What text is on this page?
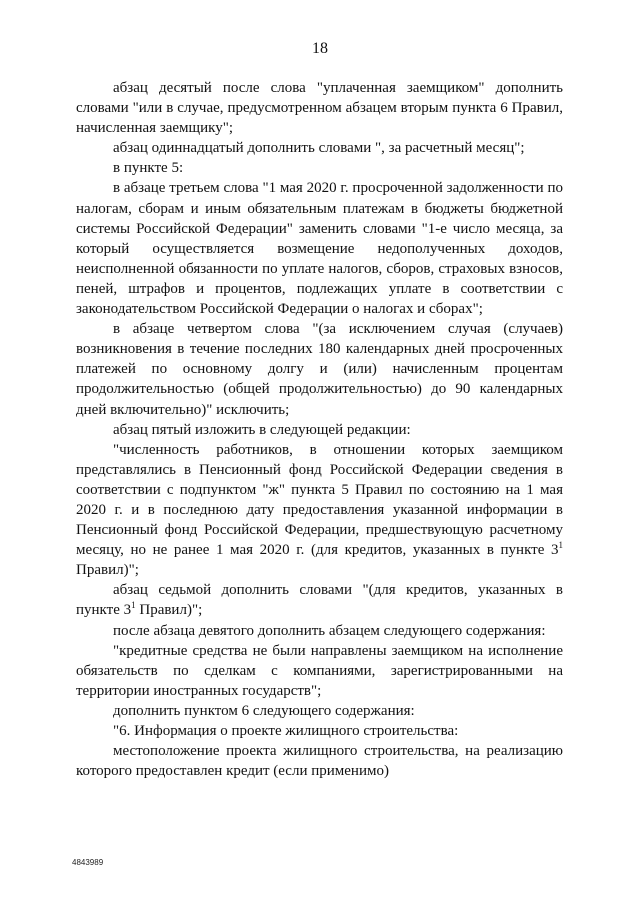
18

абзац десятый после слова "уплаченная заемщиком" дополнить словами "или в случае, предусмотренном абзацем вторым пункта 6 Правил, начисленная заемщику";

абзац одиннадцатый дополнить словами ", за расчетный месяц";

в пункте 5:

в абзаце третьем слова "1 мая 2020 г. просроченной задолженности по налогам, сборам и иным обязательным платежам в бюджеты бюджетной системы Российской Федерации" заменить словами "1-е число месяца, за который осуществляется возмещение недополученных доходов, неисполненной обязанности по уплате налогов, сборов, страховых взносов, пеней, штрафов и процентов, подлежащих уплате в соответствии с законодательством Российской Федерации о налогах и сборах";

в абзаце четвертом слова "(за исключением случая (случаев) возникновения в течение последних 180 календарных дней просроченных платежей по основному долгу и (или) начисленным процентам продолжительностью (общей продолжительностью) до 90 календарных дней включительно)" исключить;

абзац пятый изложить в следующей редакции:

"численность работников, в отношении которых заемщиком представлялись в Пенсионный фонд Российской Федерации сведения в соответствии с подпунктом "ж" пункта 5 Правил по состоянию на 1 мая 2020 г. и в последнюю дату предоставления указанной информации в Пенсионный фонд Российской Федерации, предшествующую расчетному месяцу, но не ранее 1 мая 2020 г. (для кредитов, указанных в пункте $3^1$ Правил)";

абзац седьмой дополнить словами "(для кредитов, указанных в пункте $3^1$ Правил)";

после абзаца девятого дополнить абзацем следующего содержания:

"кредитные средства не были направлены заемщиком на исполнение обязательств по сделкам с компаниями, зарегистрированными на территории иностранных государств";

дополнить пунктом 6 следующего содержания:

"6. Информация о проекте жилищного строительства:

местоположение проекта жилищного строительства, на реализацию которого предоставлен кредит (если применимо)

4843989
